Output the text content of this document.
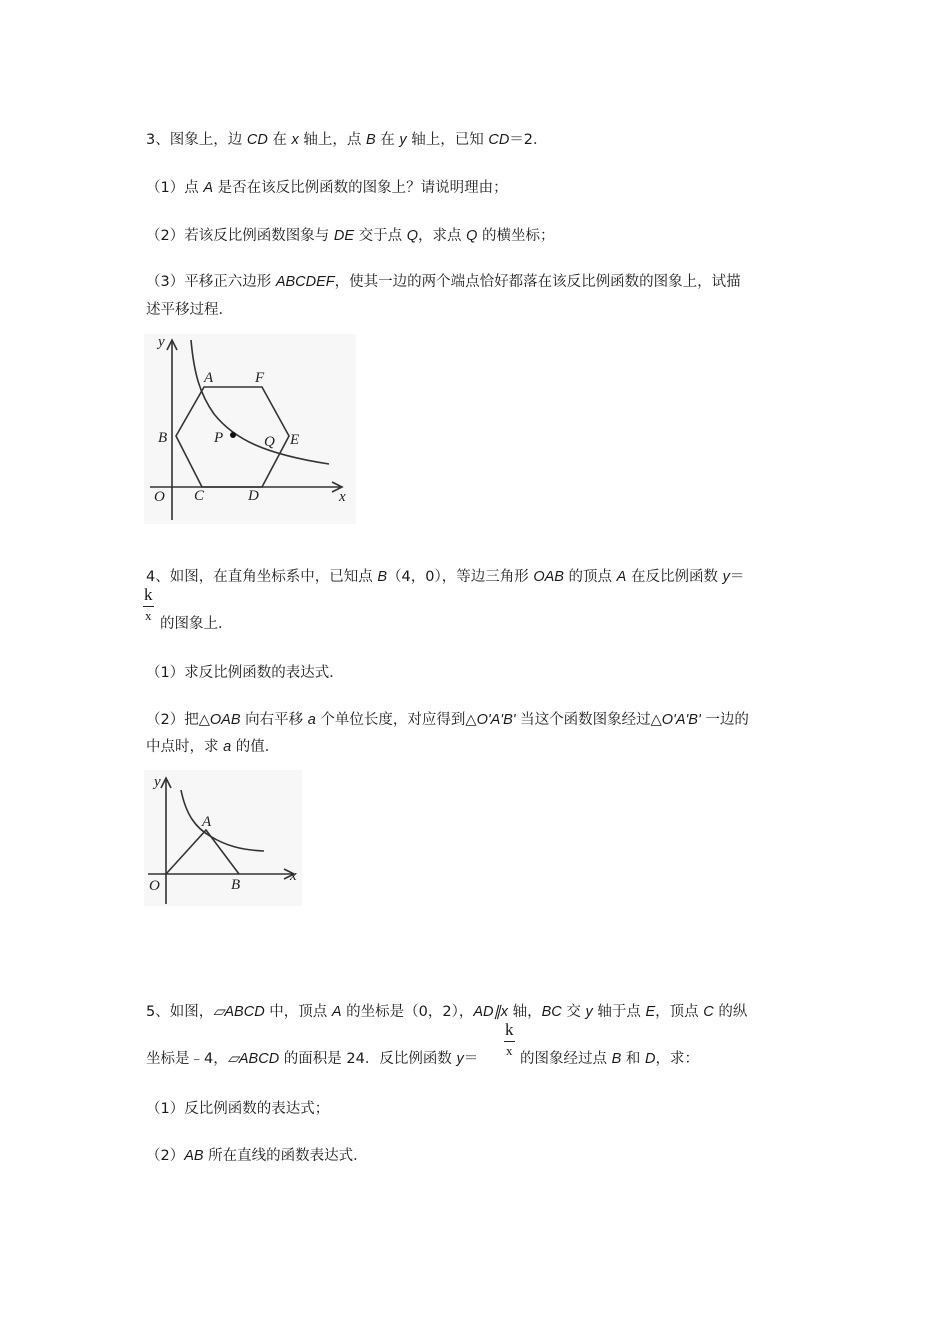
3、图象上，边 CD 在 x 轴上，点 B 在 y 轴上，已知 CD＝2．
（1）点 A 是否在该反比例函数的图象上？请说明理由；
（2）若该反比例函数图象与 DE 交于点 Q，求点 Q 的横坐标；
（3）平移正六边形 ABCDEF，使其一边的两个端点恰好都落在该反比例函数的图象上，试描
述平移过程．
y
A	F
B	P	Q E
O C	D	x
4、如图，在直角坐标系中，已知点 B（4，0），等边三角形 OAB 的顶点 A 在反比例函数 y＝
k
x
的图象上．
（1）求反比例函数的表达式．
（2）把△OAB 向右平移 a 个单位长度，对应得到△O'A'B' 当这个函数图象经过△O'A'B' 一边的
中点时，求 a 的值．
y
A
O	B
x
5、如图，▱ABCD 中，顶点 A 的坐标是（0，2），AD∥x 轴，BC 交 y 轴于点 E，顶点 C 的纵
坐标是﹣4，▱ABCD 的面积是 24．反比例函数 y＝
k
x
的图象经过点 B 和 D，求：
（1）反比例函数的表达式；
（2）AB 所在直线的函数表达式．
